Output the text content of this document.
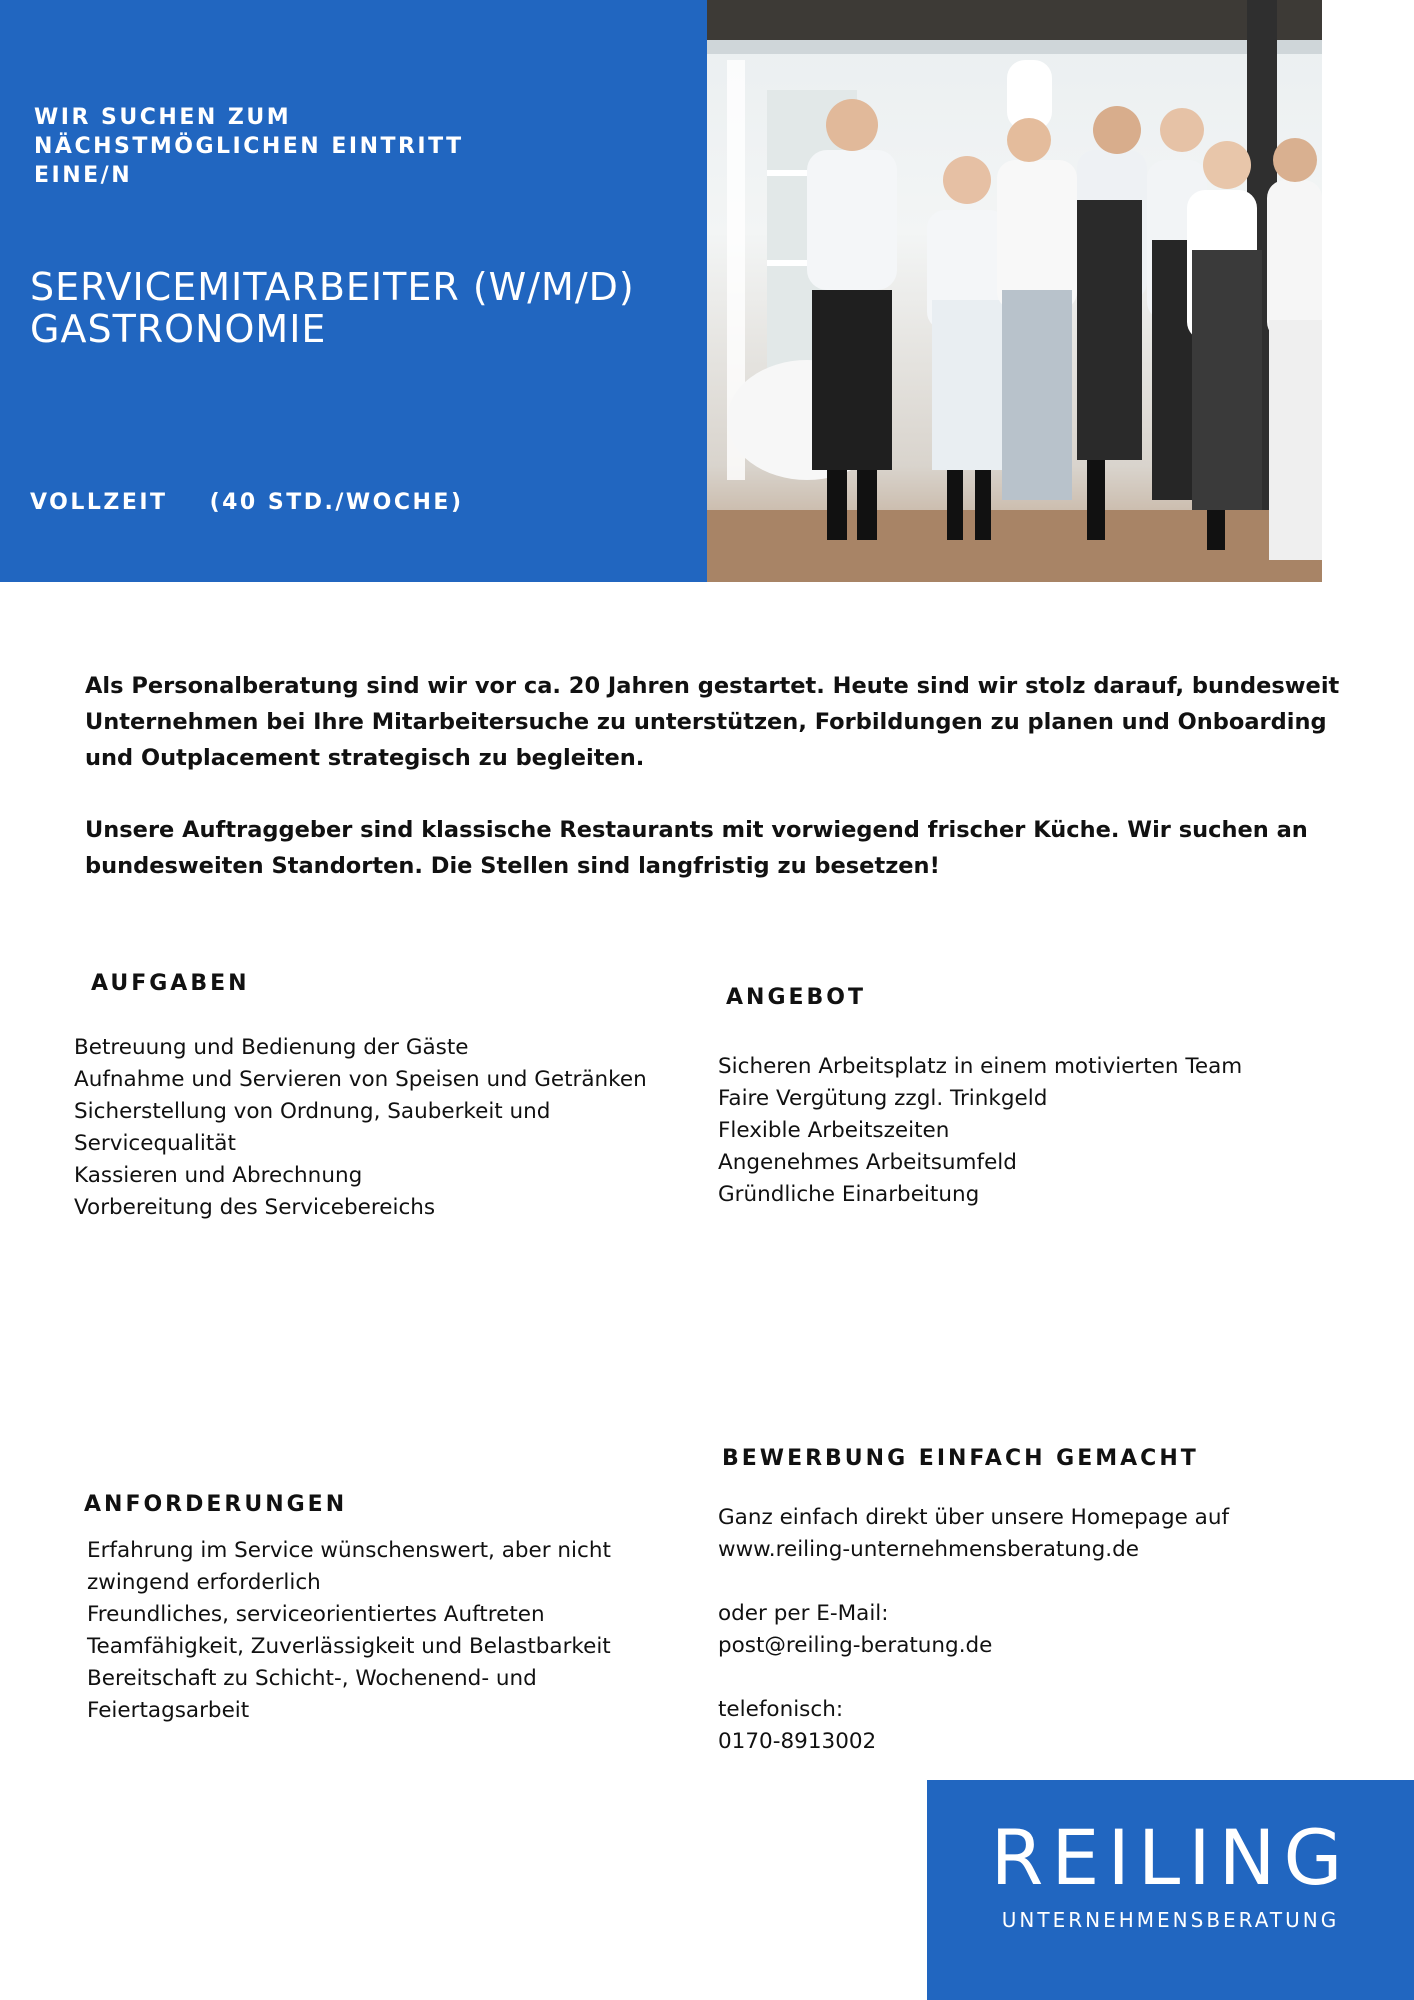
WIR SUCHEN ZUM NÄCHSTMÖGLICHEN EINTRITT EINE/N
SERVICEMITARBEITER (W/M/D)
GASTRONOMIE
VOLLZEIT (40 STD./WOCHE)

Als Personalberatung sind wir vor ca. 20 Jahren gestartet. Heute sind wir stolz darauf, bundesweit Unternehmen bei Ihre Mitarbeitersuche zu unterstützen, Forbildungen zu planen und Onboarding und Outplacement strategisch zu begleiten.

Unsere Auftraggeber sind klassische Restaurants mit vorwiegend frischer Küche. Wir suchen an bundesweiten Standorten. Die Stellen sind langfristig zu besetzen!

AUFGABEN
Betreuung und Bedienung der Gäste
Aufnahme und Servieren von Speisen und Getränken
Sicherstellung von Ordnung, Sauberkeit und
Servicequalität
Kassieren und Abrechnung
Vorbereitung des Servicebereichs
ANGEBOT
Sicheren Arbeitsplatz in einem motivierten Team
Faire Vergütung zzgl. Trinkgeld
Flexible Arbeitszeiten
Angenehmes Arbeitsumfeld
Gründliche Einarbeitung
ANFORDERUNGEN
Erfahrung im Service wünschenswert, aber nicht
zwingend erforderlich
Freundliches, serviceorientiertes Auftreten
Teamfähigkeit, Zuverlässigkeit und Belastbarkeit
Bereitschaft zu Schicht-, Wochenend- und
Feiertagsarbeit
BEWERBUNG EINFACH GEMACHT
Ganz einfach direkt über unsere Homepage auf
www.reiling-unternehmensberatung.de
oder per E-Mail:
post@reiling-beratung.de
telefonisch:
0170-8913002
REILING
UNTERNEHMENSBERATUNG
